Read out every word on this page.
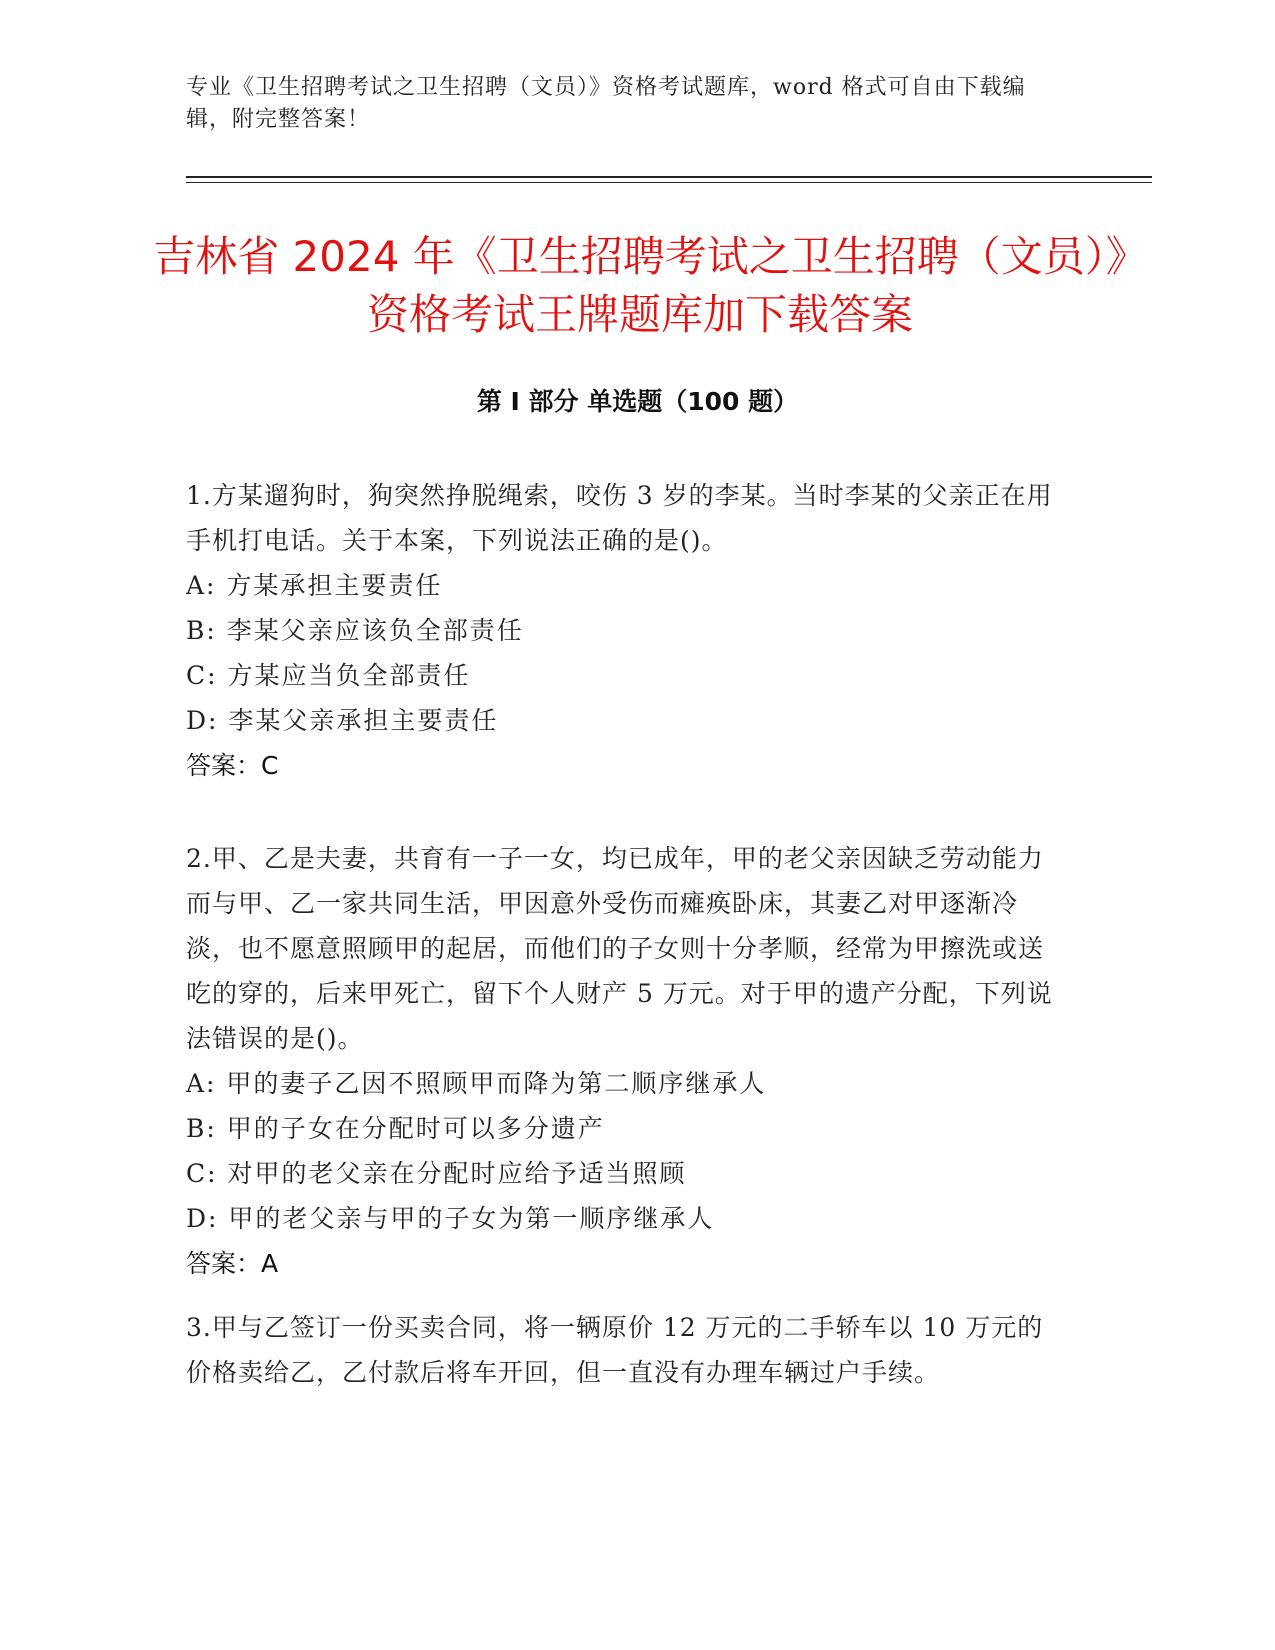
专业《卫生招聘考试之卫生招聘（文员）》资格考试题库，word 格式可自由下载编辑，附完整答案！
吉林省 2024 年《卫生招聘考试之卫生招聘（文员）》资格考试王牌题库加下载答案
第 I 部分 单选题（100 题）
1.方某遛狗时，狗突然挣脱绳索，咬伤 3 岁的李某。当时李某的父亲正在用手机打电话。关于本案，下列说法正确的是()。
A: 方某承担主要责任
B: 李某父亲应该负全部责任
C: 方某应当负全部责任
D: 李某父亲承担主要责任
答案：C
2.甲、乙是夫妻，共育有一子一女，均已成年，甲的老父亲因缺乏劳动能力而与甲、乙一家共同生活，甲因意外受伤而瘫痪卧床，其妻乙对甲逐渐冷淡，也不愿意照顾甲的起居，而他们的子女则十分孝顺，经常为甲擦洗或送吃的穿的，后来甲死亡，留下个人财产 5 万元。对于甲的遗产分配，下列说法错误的是()。
A: 甲的妻子乙因不照顾甲而降为第二顺序继承人
B: 甲的子女在分配时可以多分遗产
C: 对甲的老父亲在分配时应给予适当照顾
D: 甲的老父亲与甲的子女为第一顺序继承人
答案：A
3.甲与乙签订一份买卖合同，将一辆原价 12 万元的二手轿车以 10 万元的价格卖给乙，乙付款后将车开回，但一直没有办理车辆过户手续。
